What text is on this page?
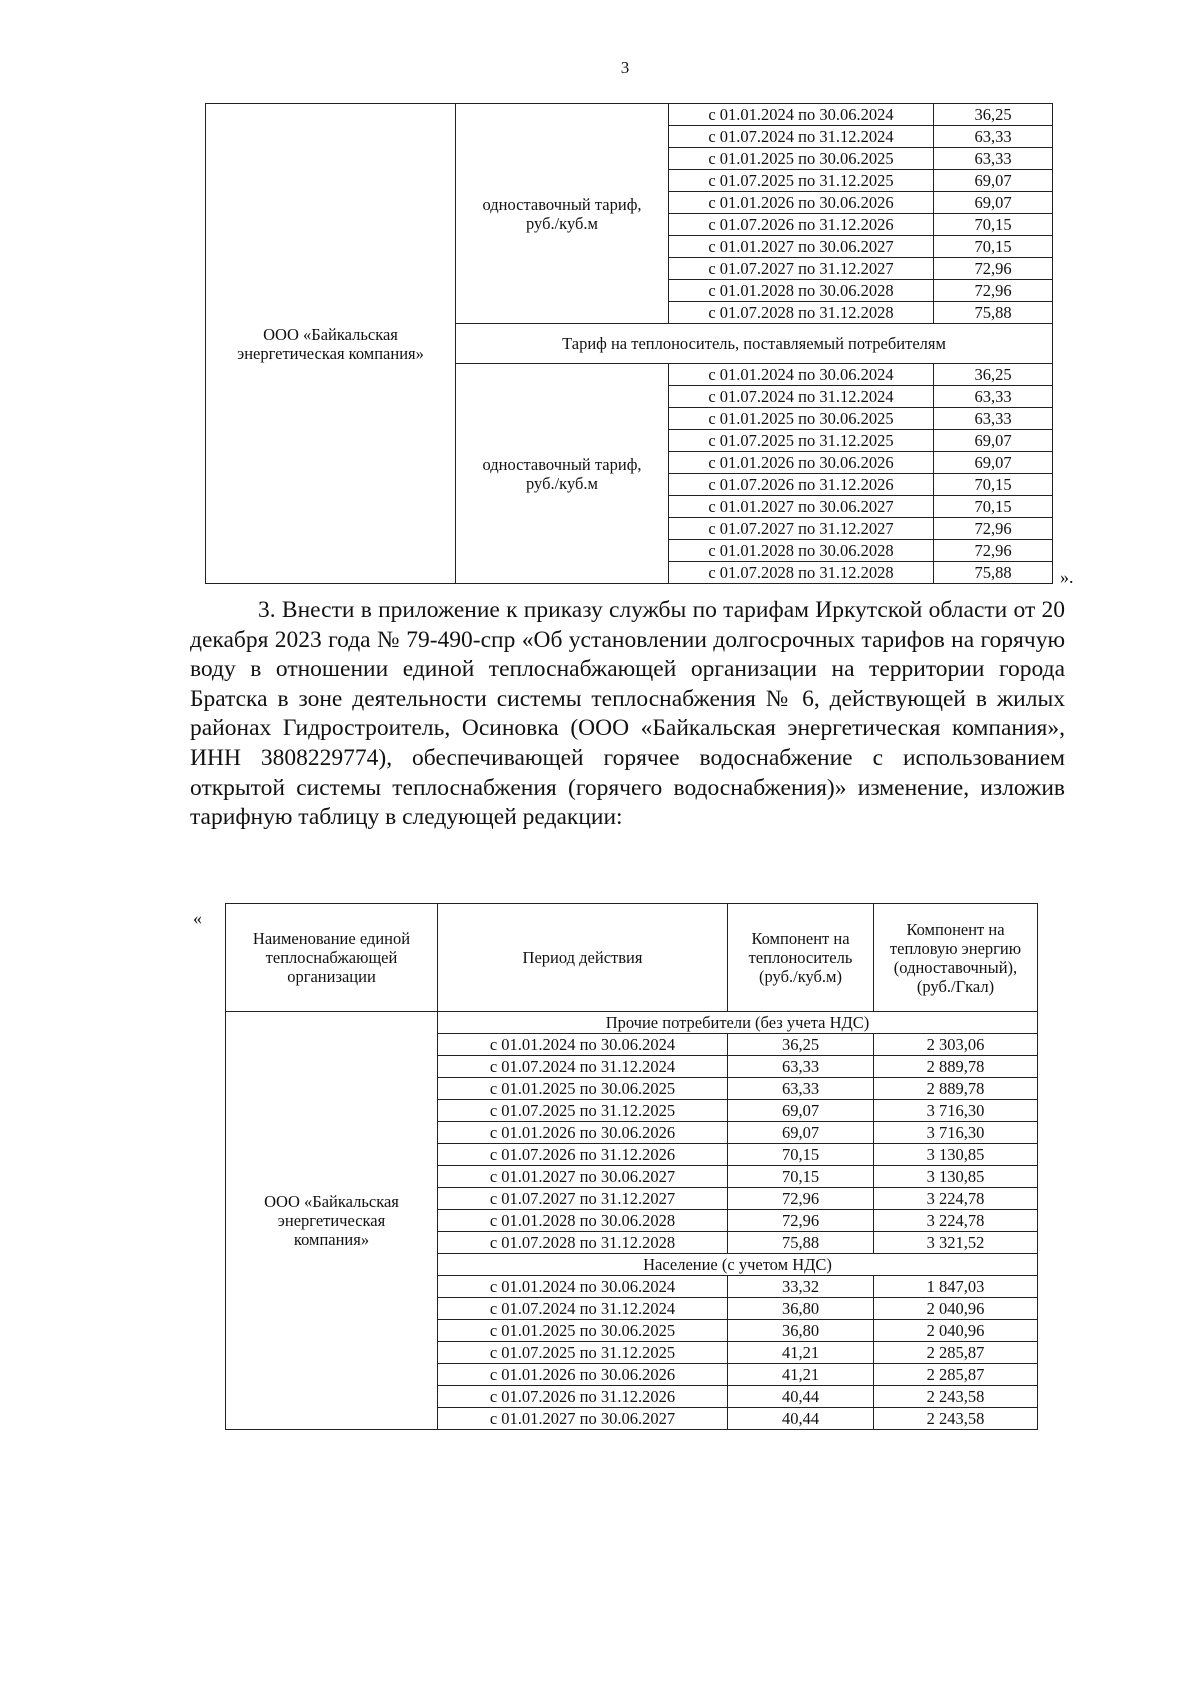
3
ООО «Байкальская энергетическая компания»	одноставочный тариф, руб./куб.м	с 01.01.2024 по 30.06.2024	36,25
		с 01.07.2024 по 31.12.2024	63,33
		с 01.01.2025 по 30.06.2025	63,33
		с 01.07.2025 по 31.12.2025	69,07
		с 01.01.2026 по 30.06.2026	69,07
		с 01.07.2026 по 31.12.2026	70,15
		с 01.01.2027 по 30.06.2027	70,15
		с 01.07.2027 по 31.12.2027	72,96
		с 01.01.2028 по 30.06.2028	72,96
		с 01.07.2028 по 31.12.2028	75,88
	Тариф на теплоноситель, поставляемый потребителям		
	одноставочный тариф, руб./куб.м	с 01.01.2024 по 30.06.2024	36,25
		с 01.07.2024 по 31.12.2024	63,33
		с 01.01.2025 по 30.06.2025	63,33
		с 01.07.2025 по 31.12.2025	69,07
		с 01.01.2026 по 30.06.2026	69,07
		с 01.07.2026 по 31.12.2026	70,15
		с 01.01.2027 по 30.06.2027	70,15
		с 01.07.2027 по 31.12.2027	72,96
		с 01.01.2028 по 30.06.2028	72,96
		с 01.07.2028 по 31.12.2028	75,88	».

3. Внести в приложение к приказу службы по тарифам Иркутской области от 20 декабря 2023 года № 79-490-спр «Об установлении долгосрочных тарифов на горячую воду в отношении единой теплоснабжающей организации на территории города Братска в зоне деятельности системы теплоснабжения № 6, действующей в жилых районах Гидростроитель, Осиновка (ООО «Байкальская энергетическая компания», ИНН 3808229774), обеспечивающей горячее водоснабжение с использованием открытой системы теплоснабжения (горячего водоснабжения)» изменение, изложив тарифную таблицу в следующей редакции:

«
Наименование единой теплоснабжающей организации	Период действия	Компонент на теплоноситель (руб./куб.м)	Компонент на тепловую энергию (одноставочный), (руб./Гкал)
ООО «Байкальская энергетическая компания»	Прочие потребители (без учета НДС)		
	с 01.01.2024 по 30.06.2024	36,25	2 303,06
	с 01.07.2024 по 31.12.2024	63,33	2 889,78
	с 01.01.2025 по 30.06.2025	63,33	2 889,78
	с 01.07.2025 по 31.12.2025	69,07	3 716,30
	с 01.01.2026 по 30.06.2026	69,07	3 716,30
	с 01.07.2026 по 31.12.2026	70,15	3 130,85
	с 01.01.2027 по 30.06.2027	70,15	3 130,85
	с 01.07.2027 по 31.12.2027	72,96	3 224,78
	с 01.01.2028 по 30.06.2028	72,96	3 224,78
	с 01.07.2028 по 31.12.2028	75,88	3 321,52
	Население (с учетом НДС)		
	с 01.01.2024 по 30.06.2024	33,32	1 847,03
	с 01.07.2024 по 31.12.2024	36,80	2 040,96
	с 01.01.2025 по 30.06.2025	36,80	2 040,96
	с 01.07.2025 по 31.12.2025	41,21	2 285,87
	с 01.01.2026 по 30.06.2026	41,21	2 285,87
	с 01.07.2026 по 31.12.2026	40,44	2 243,58
	с 01.01.2027 по 30.06.2027	40,44	2 243,58
